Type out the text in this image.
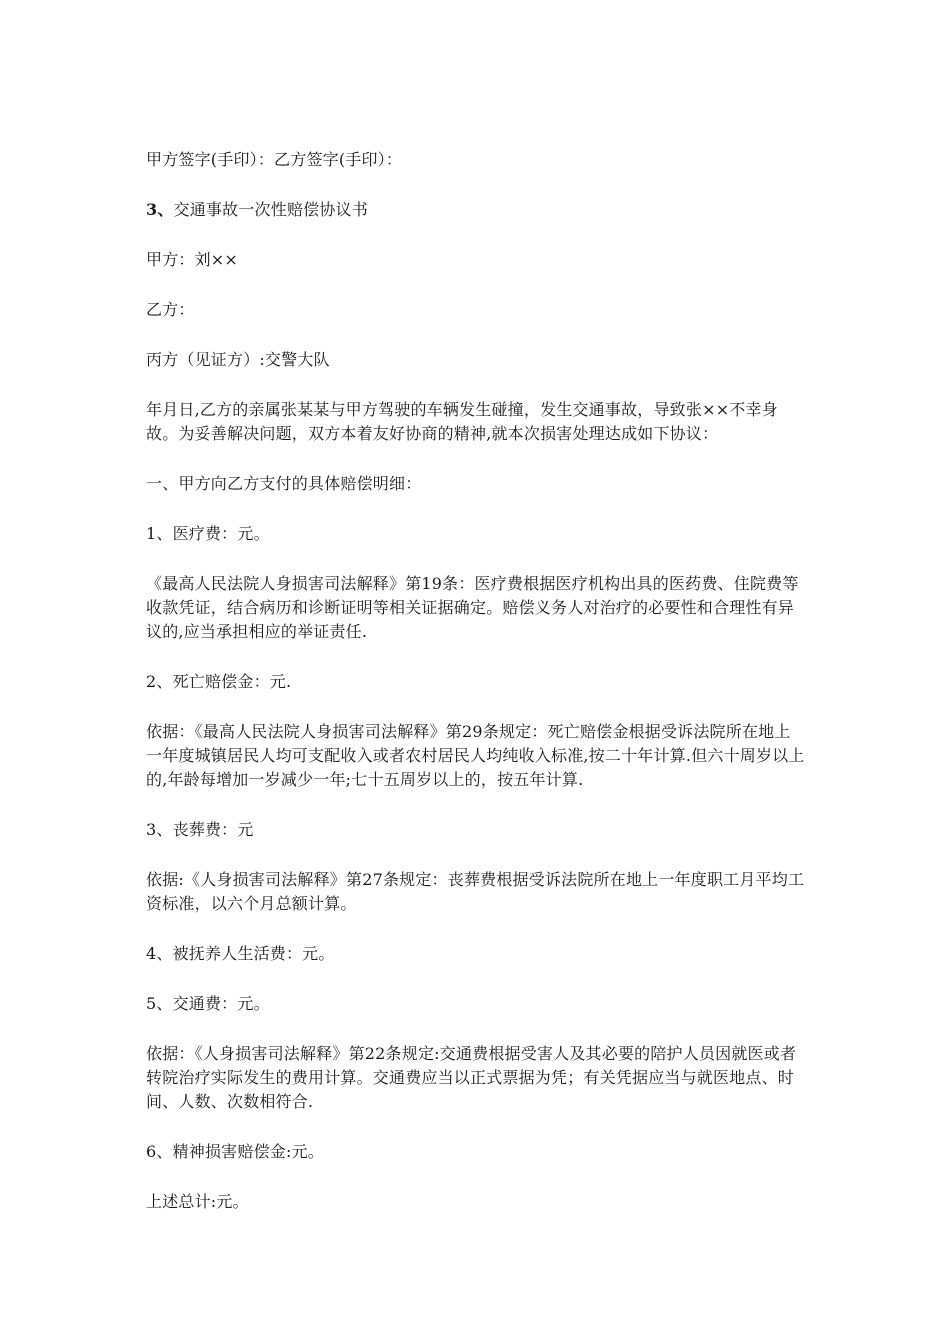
甲方签字(手印）：乙方签字(手印）：

3、交通事故一次性赔偿协议书

甲方：刘××

乙方：

丙方（见证方）:交警大队

年月日,乙方的亲属张某某与甲方驾驶的车辆发生碰撞，发生交通事故，导致张××不幸身故。为妥善解决问题，双方本着友好协商的精神,就本次损害处理达成如下协议：

一、甲方向乙方支付的具体赔偿明细：

1、医疗费：元。

《最高人民法院人身损害司法解释》第19条：医疗费根据医疗机构出具的医药费、住院费等收款凭证，结合病历和诊断证明等相关证据确定。赔偿义务人对治疗的必要性和合理性有异议的,应当承担相应的举证责任.

2、死亡赔偿金：元.

依据：《最高人民法院人身损害司法解释》第29条规定：死亡赔偿金根据受诉法院所在地上一年度城镇居民人均可支配收入或者农村居民人均纯收入标准,按二十年计算.但六十周岁以上的,年龄每增加一岁减少一年;七十五周岁以上的，按五年计算.

3、丧葬费：元

依据:《人身损害司法解释》第27条规定：丧葬费根据受诉法院所在地上一年度职工月平均工资标准，以六个月总额计算。

4、被抚养人生活费：元。

5、交通费：元。

依据：《人身损害司法解释》第22条规定:交通费根据受害人及其必要的陪护人员因就医或者转院治疗实际发生的费用计算。交通费应当以正式票据为凭；有关凭据应当与就医地点、时间、人数、次数相符合.

6、精神损害赔偿金:元。

上述总计:元。
